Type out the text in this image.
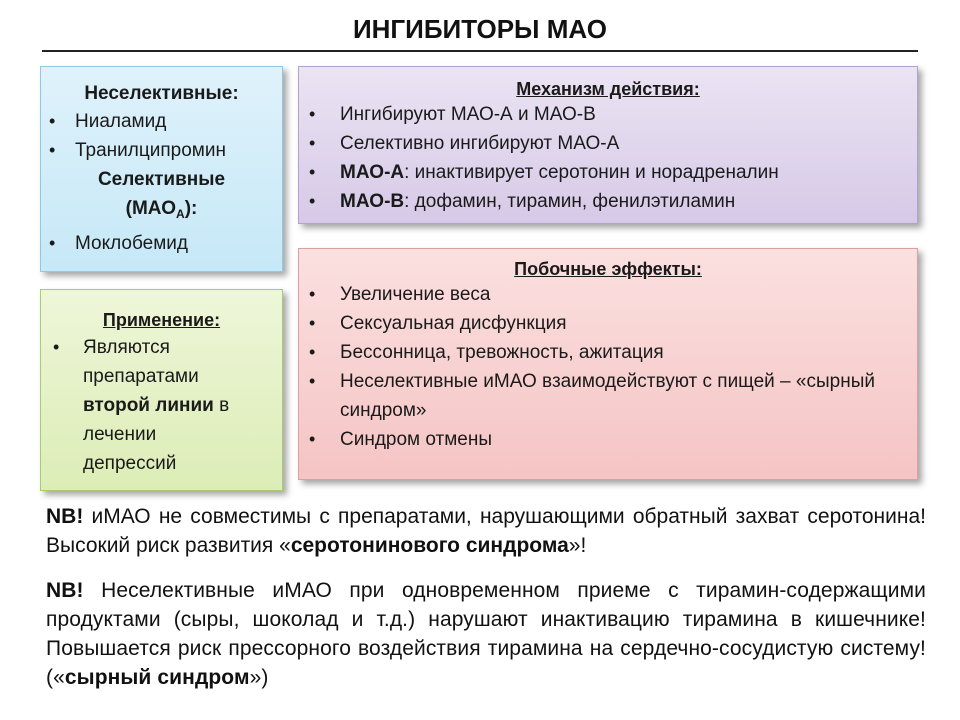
ИНГИБИТОРЫ МАО
Неселективные:
• Ниаламид
• Транилципромин
Селективные
$(МАО_A)$:
• Моклобемид
Применение:
• Являются препаратами второй линии в лечении депрессий
Механизм действия:
• Ингибируют МАО-А и МАО-В
• Селективно ингибируют МАО-А
• МАО-А: инактивирует серотонин и норадреналин
• МАО-В: дофамин, тирамин, фенилэтиламин
Побочные эффекты:
• Увеличение веса
• Сексуальная дисфункция
• Бессонница, тревожность, ажитация
• Неселективные иМАО взаимодействуют с пищей – «сырный синдром»
• Синдром отмены
NB! иМАО не совместимы с препаратами, нарушающими обратный захват серотонина! Высокий риск развития «серотонинового синдрома»!
NB! Неселективные иМАО при одновременном приеме с тирамин-содержащими продуктами (сыры, шоколад и т.д.) нарушают инактивацию тирамина в кишечнике! Повышается риск прессорного воздействия тирамина на сердечно-сосудистую систему! («сырный синдром»)
